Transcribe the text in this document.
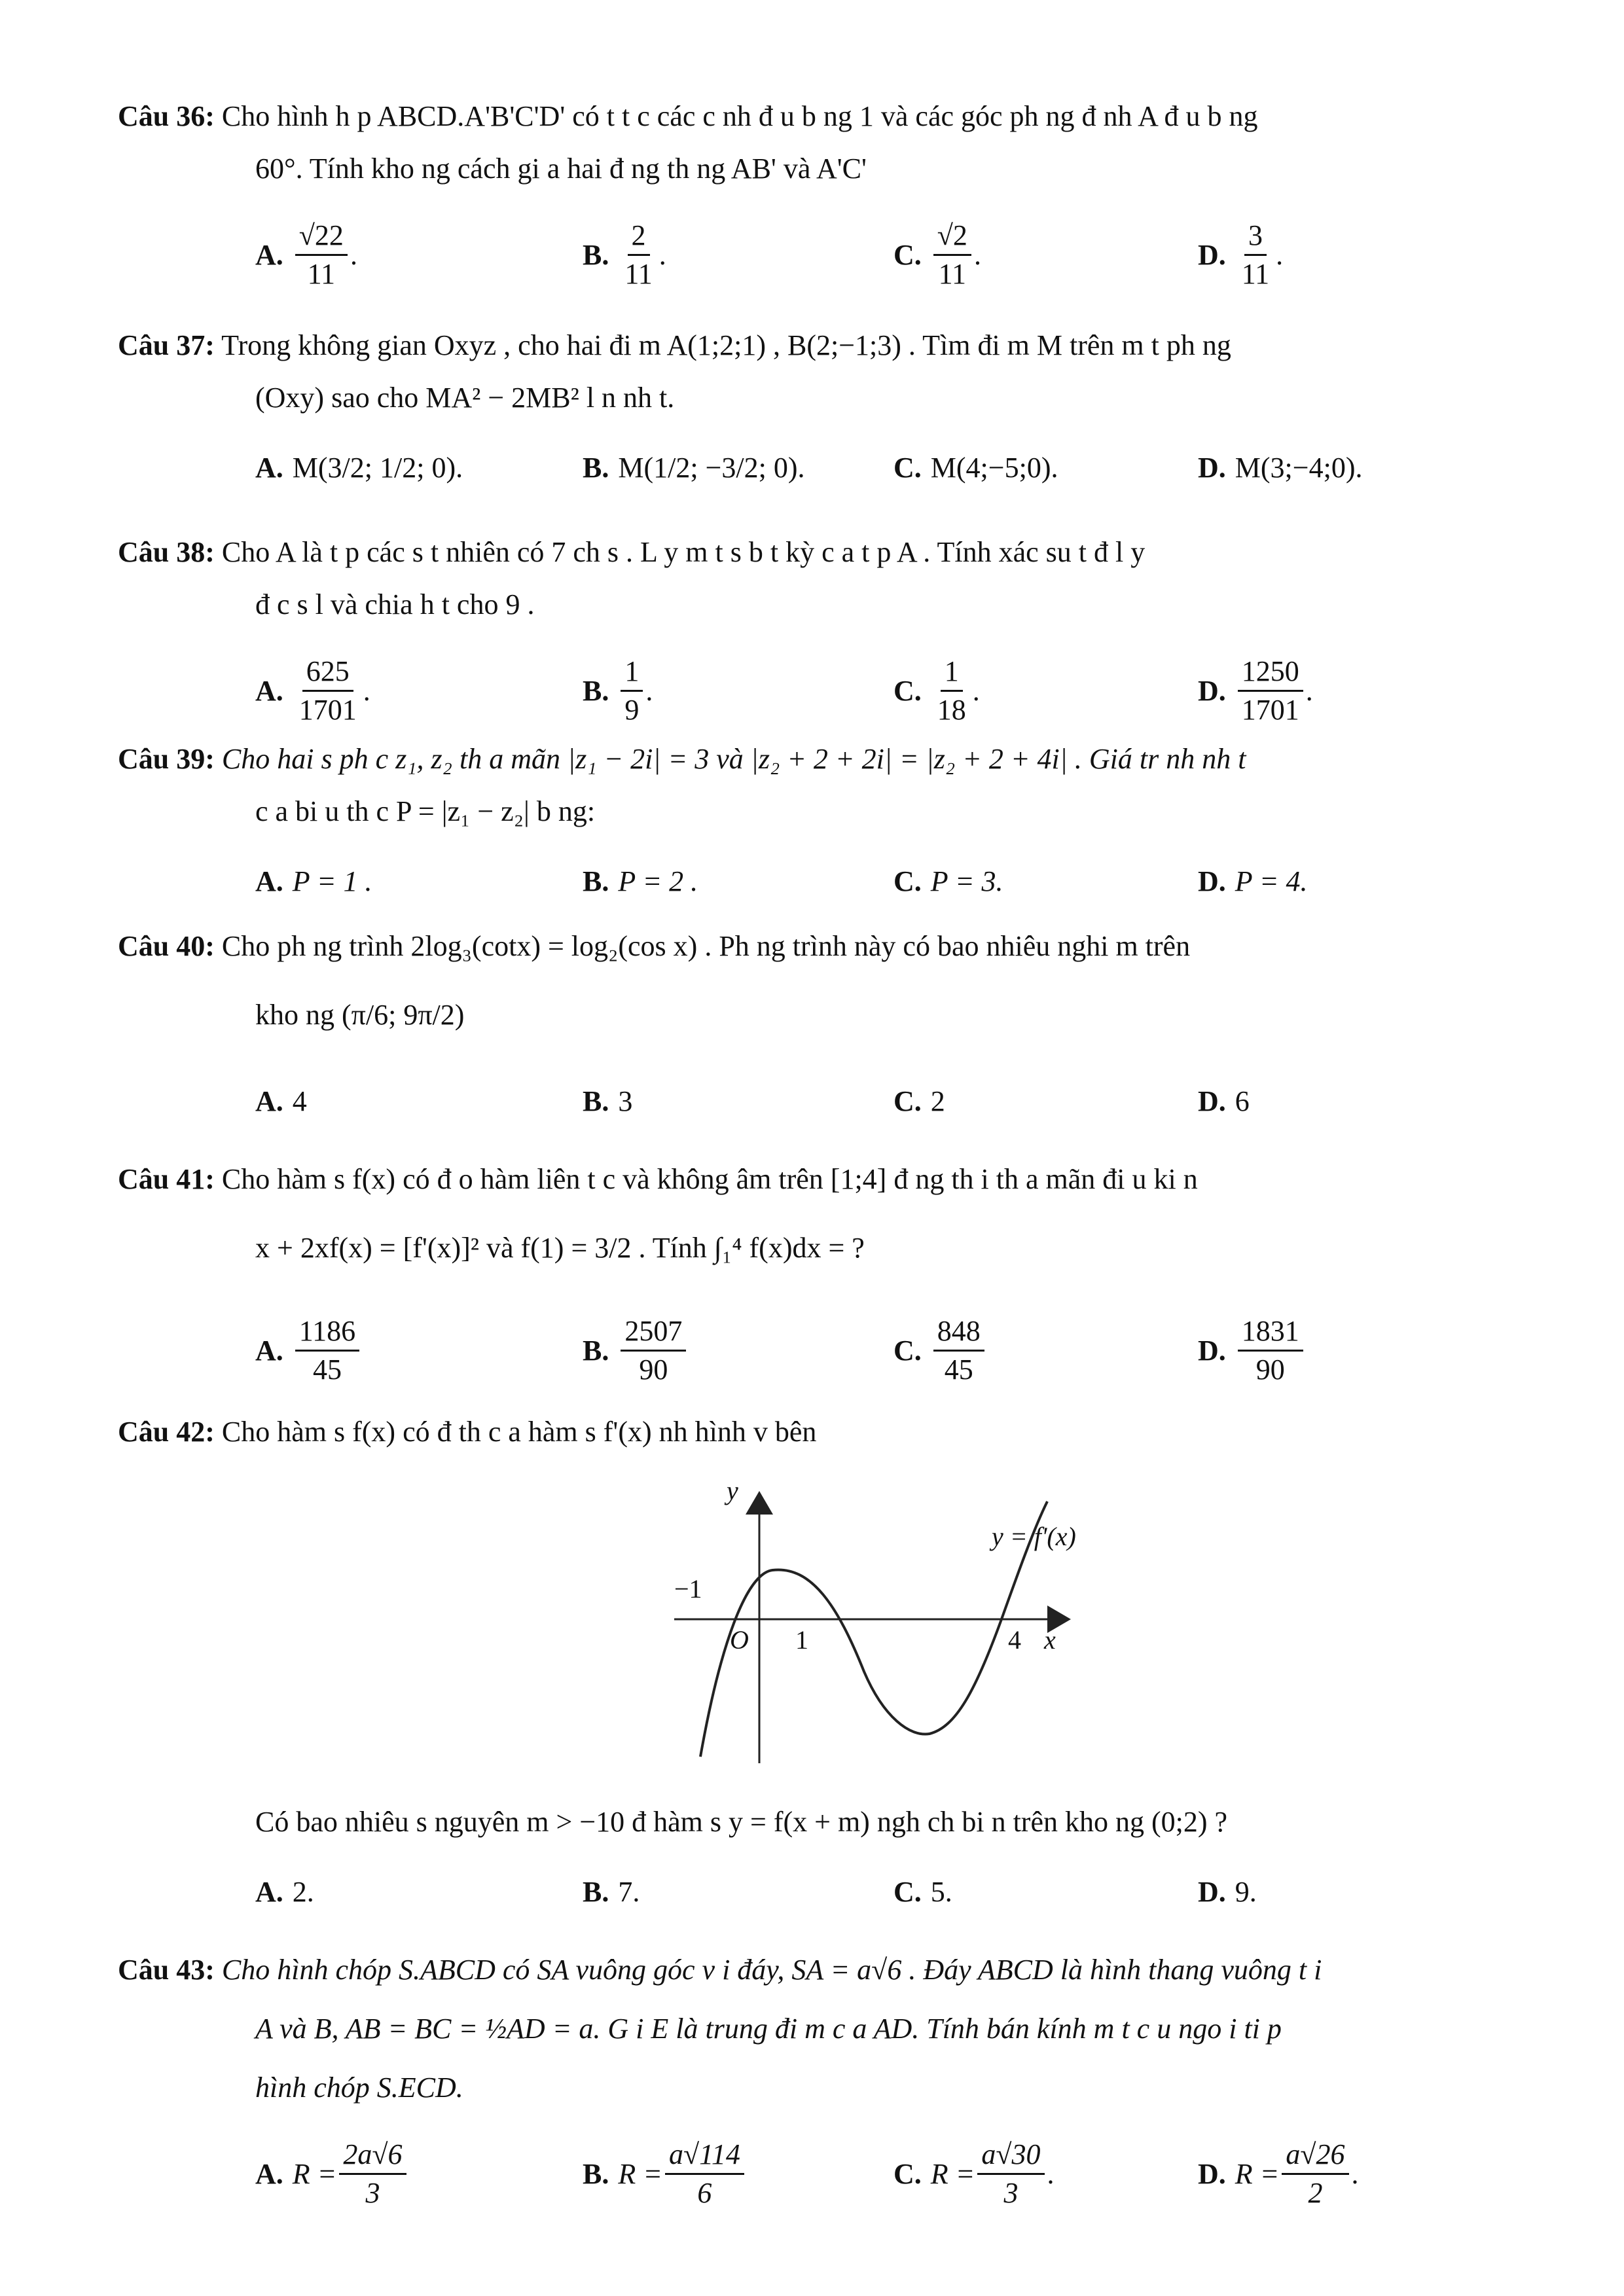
Câu 36: Cho hình h p ABCD.A'B'C'D' có t t c các c nh đ u b ng 1 và các góc ph ng đ nh A đ u b ng
60°. Tính kho ng cách gi a hai đ ng th ng AB' và A'C'
A. $\frac{√22}{11}$ .	B. $\frac{2}{11}$ .	C. $\frac{√2}{11}$ .	D. $\frac{3}{11}$ .
Câu 37: Trong không gian Oxyz , cho hai đi m A(1;2;1) , B(2;−1;3) . Tìm đi m M trên m t ph ng
(Oxy) sao cho MA² − 2MB² l n nh t.
A. M(3/2; 1/2; 0).	B. M(1/2; −3/2; 0).	C. M(4;−5;0).	D. M(3;−4;0).
Câu 38: Cho A là t p các s t nhiên có 7 ch s . L y m t s b t kỳ c a t p A . Tính xác su t đ l y
đ c s l và chia h t cho 9 .
A. $\frac{625}{1701}$ .	B. $\frac{1}{9}$ .	C. $\frac{1}{18}$ .	D. $\frac{1250}{1701}$ .
Câu 39: Cho hai s ph c z₁, z₂ th a mãn |z₁ − 2i| = 3 và |z₂ + 2 + 2i| = |z₂ + 2 + 4i| . Giá tr nh nh t
c a bi u th c P = |z₁ − z₂| b ng:
A. P = 1 .	B. P = 2 .	C. P = 3.	D. P = 4.
Câu 40: Cho ph ng trình 2log₃(cotx) = log₂(cos x) . Ph ng trình này có bao nhiêu nghi m trên
kho ng (π/6; 9π/2)
A. 4	B. 3	C. 2	D. 6
Câu 41: Cho hàm s f(x) có đ o hàm liên t c và không âm trên [1;4] đ ng th i th a mãn đi u ki n
x + 2xf(x) = [f'(x)]² và f(1) = 3/2 . Tính ∫₁⁴ f(x)dx = ?
A. $\frac{1186}{45}$	B. $\frac{2507}{90}$	C. $\frac{848}{45}$	D. $\frac{1831}{90}$
Câu 42: Cho hàm s f(x) có đ th c a hàm s f'(x) nh hình v bên
y
x
y = f'(x)
O
−1
1	4
Có bao nhiêu s nguyên m > −10 đ hàm s y = f(x + m) ngh ch bi n trên kho ng (0;2) ?
A. 2.	B. 7.	C. 5.	D. 9.
Câu 43: Cho hình chóp S.ABCD có SA vuông góc v i đáy, SA = a√6 . Đáy ABCD là hình thang vuông t i
A và B, AB = BC = ½AD = a. G i E là trung đi m c a AD. Tính bán kính m t c u ngo i ti p
hình chóp S.ECD.
A. $R = \frac{2a√6}{3}$	B. $R = \frac{a√114}{6}$	C. $R = \frac{a√30}{3}$ .	D. $R = \frac{a√26}{2}$ .
